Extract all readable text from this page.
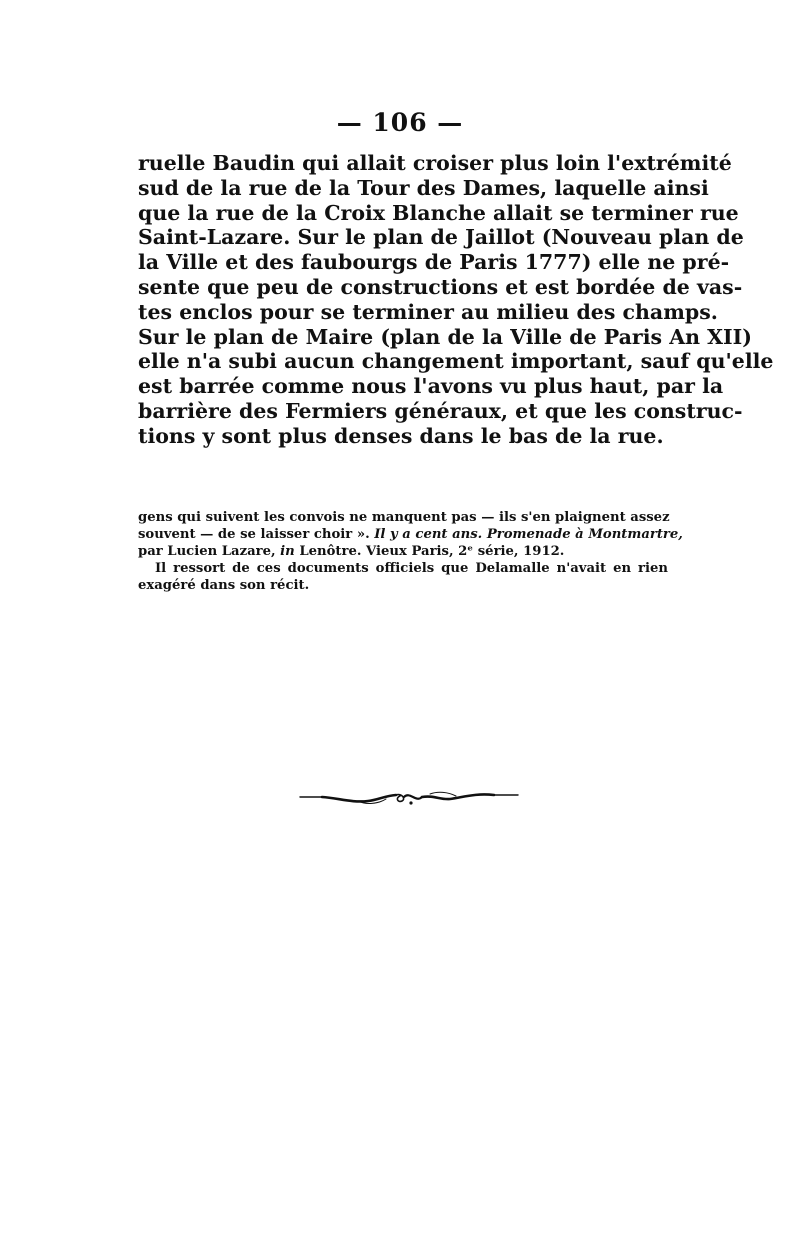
— 106 —

ruelle Baudin qui allait croiser plus loin l'extrémité
sud de la rue de la Tour des Dames, laquelle ainsi
que la rue de la Croix Blanche allait se terminer rue
Saint-Lazare. Sur le plan de Jaillot (Nouveau plan de
la Ville et des faubourgs de Paris 1777) elle ne pré-
sente que peu de constructions et est bordée de vas-
tes enclos pour se terminer au milieu des champs.
Sur le plan de Maire (plan de la Ville de Paris An XII)
elle n'a subi aucun changement important, sauf qu'elle
est barrée comme nous l'avons vu plus haut, par la
barrière des Fermiers généraux, et que les construc-
tions y sont plus denses dans le bas de la rue.
gens qui suivent les convois ne manquent pas — ils s'en plaignent assez
souvent — de se laisser choir ». Il y a cent ans. Promenade à Montmartre,
par Lucien Lazare, in Lenôtre. Vieux Paris, 2ᵉ série, 1912.
Il ressort de ces documents officiels que Delamalle n'avait en rien
exagéré dans son récit.
